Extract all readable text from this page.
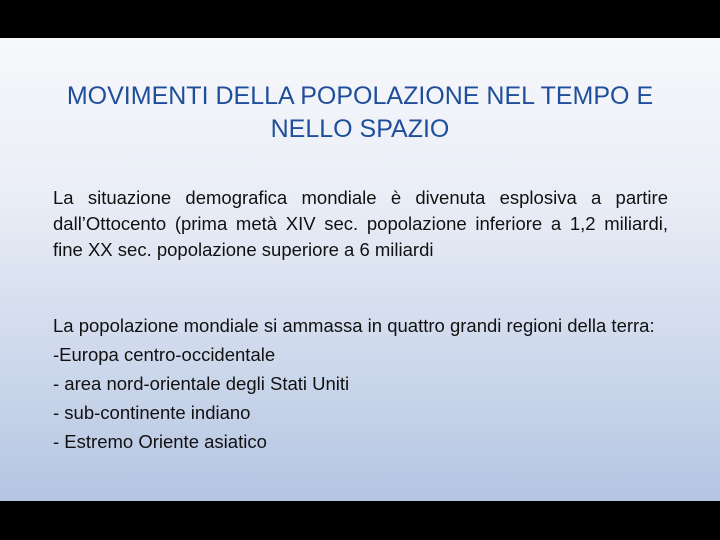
MOVIMENTI DELLA POPOLAZIONE NEL TEMPO E NELLO SPAZIO

La situazione demografica mondiale è divenuta esplosiva a partire dall’Ottocento (prima metà XIV sec. popolazione inferiore a 1,2 miliardi, fine XX sec. popolazione superiore a 6 miliardi

La popolazione mondiale si ammassa in quattro grandi regioni della terra:
-Europa centro-occidentale
- area nord-orientale degli Stati Uniti
- sub-continente indiano
- Estremo Oriente asiatico
